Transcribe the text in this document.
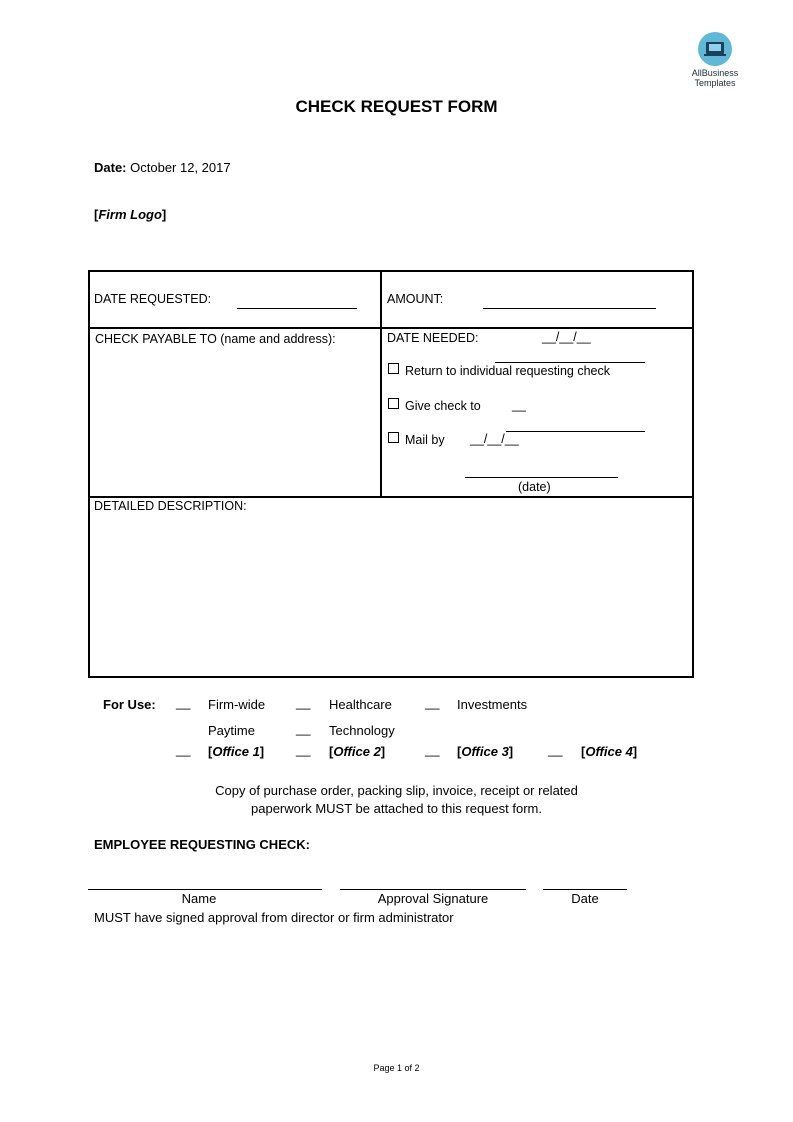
AllBusiness
Templates
CHECK REQUEST FORM
Date: October 12, 2017
[Firm Logo]
DATE REQUESTED:	AMOUNT:
CHECK PAYABLE TO (name and address):	DATE NEEDED:	__/__/__
Return to individual requesting check
Give check to	__
Mail by __/__/__
(date)
DETAILED DESCRIPTION:
For Use: __ Firm-wide __ Healthcare	__ Investments
Paytime	__ Technology
__ [Office 1] __ [Office 2]	__ [Office 3]	__ [Office 4]
Copy of purchase order, packing slip, invoice, receipt or related
paperwork MUST be attached to this request form.
EMPLOYEE REQUESTING CHECK:
Name	Approval Signature	Date
MUST have signed approval from director or firm administrator
Page 1 of 2
